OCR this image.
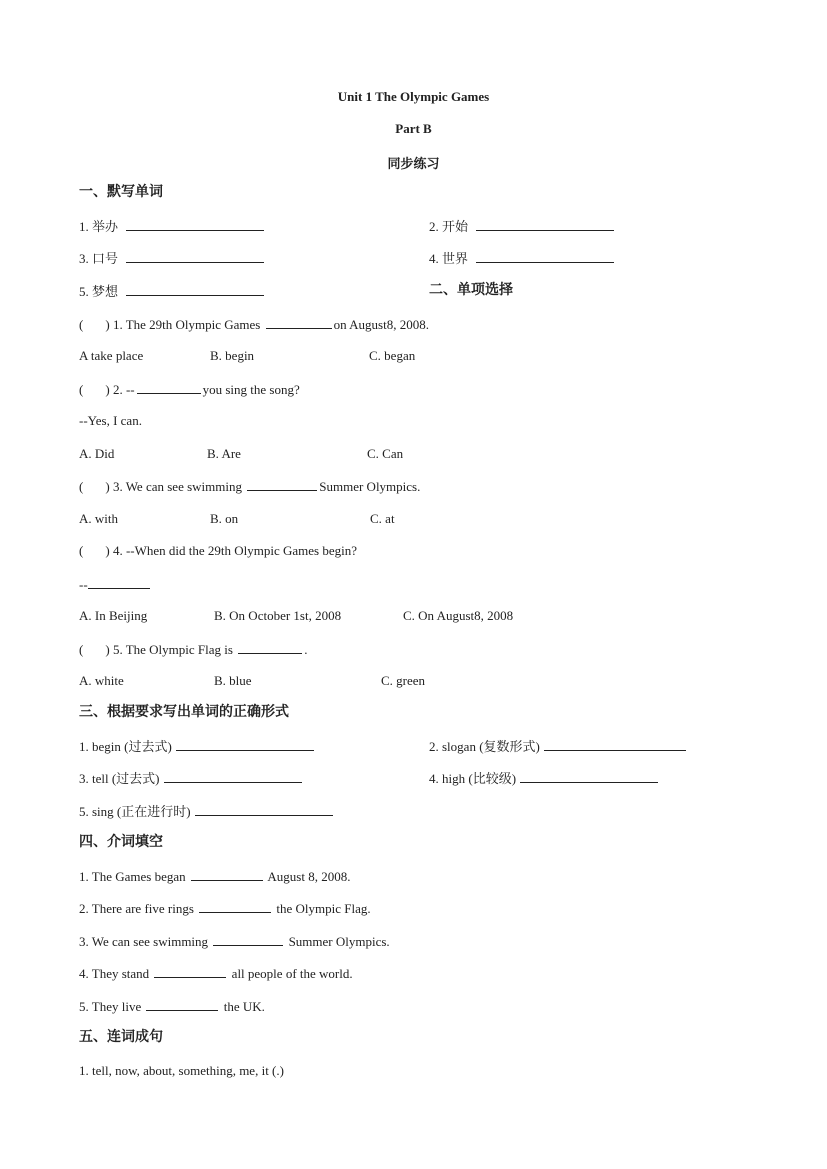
Unit 1 The Olympic Games
Part B
同步练习
一、默写单词
1. 举办	2. 开始
3. 口号	4. 世界
5. 梦想	二、单项选择
( ) 1. The 29th Olympic Games	on August8, 2008.
A take place	B. begin	C. began
( ) 2. --	you sing the song?
--Yes, I can.
A. Did	B. Are	C. Can
( ) 3. We can see swimming	Summer Olympics.
A. with	B. on	C. at
( ) 4. --When did the 29th Olympic Games begin?
--
A. In Beijing	B. On October 1st, 2008	C. On August8, 2008
( ) 5. The Olympic Flag is	.
A. white	B. blue	C. green
三、根据要求写出单词的正确形式
1. begin (过去式)	2. slogan (复数形式)
3. tell (过去式)	4. high (比较级)
5. sing (正在进行时)
四、介词填空
1. The Games began	August 8, 2008.
2. There are five rings	the Olympic Flag.
3. We can see swimming	Summer Olympics.
4. They stand	all people of the world.
5. They live	the UK.
五、连词成句
1. tell, now, about, something, me, it (.)
